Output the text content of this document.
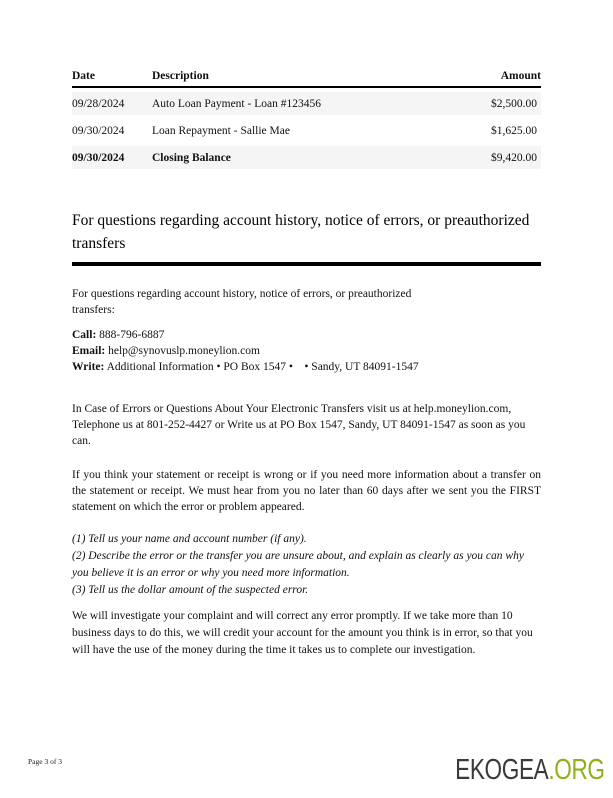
Date	Description	Amount
09/28/2024	Auto Loan Payment - Loan #123456	$2,500.00
09/30/2024	Loan Repayment - Sallie Mae	$1,625.00
09/30/2024	Closing Balance	$9,420.00
For questions regarding account history, notice of errors, or preauthorized transfers

For questions regarding account history, notice of errors, or preauthorized transfers:

Call: 888-796-6887
Email: help@synovuslp.moneylion.com
Write: Additional Information • PO Box 1547 •    • Sandy, UT 84091-1547

In Case of Errors or Questions About Your Electronic Transfers visit us at help.moneylion.com, Telephone us at 801-252-4427 or Write us at PO Box 1547, Sandy, UT 84091-1547 as soon as you can.

If you think your statement or receipt is wrong or if you need more information about a transfer on the statement or receipt. We must hear from you no later than 60 days after we sent you the FIRST statement on which the error or problem appeared.

(1) Tell us your name and account number (if any).

(2) Describe the error or the transfer you are unsure about, and explain as clearly as you can why you believe it is an error or why you need more information.

(3) Tell us the dollar amount of the suspected error.

We will investigate your complaint and will correct any error promptly. If we take more than 10 business days to do this, we will credit your account for the amount you think is in error, so that you will have the use of the money during the time it takes us to complete our investigation.

Page 3 of 3	EKOGEA.ORG
